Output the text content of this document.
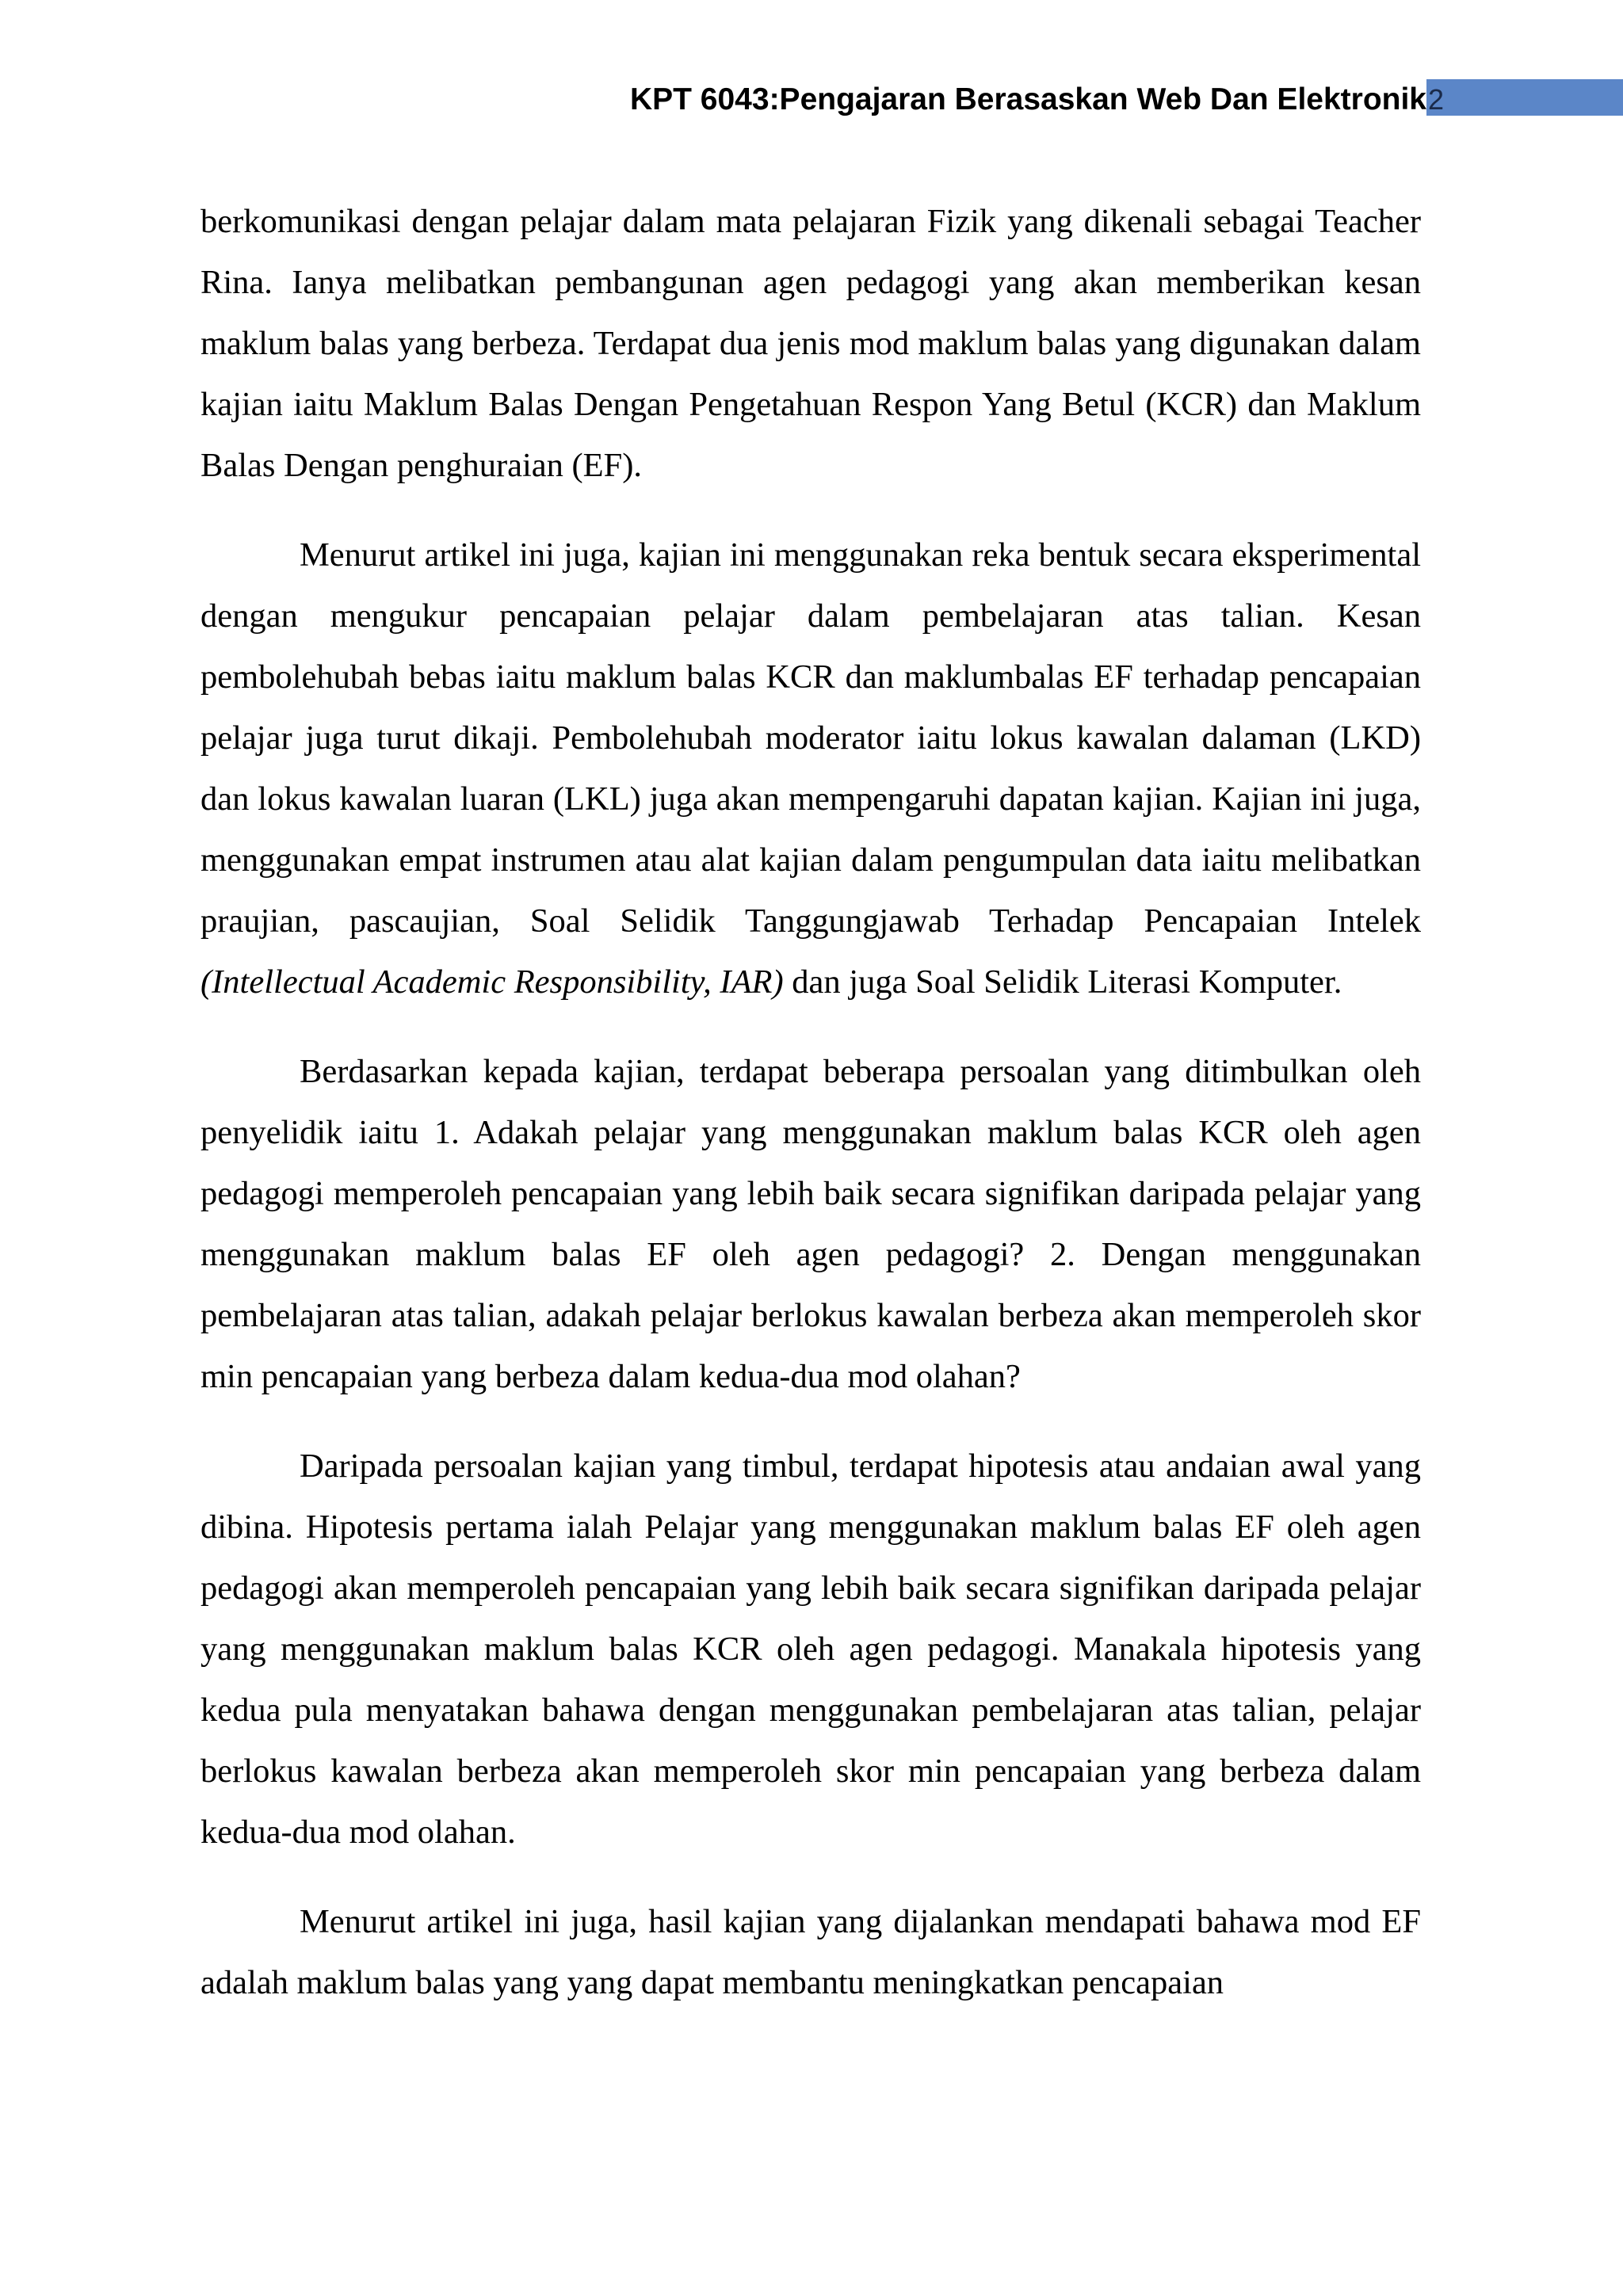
KPT 6043:Pengajaran Berasaskan Web Dan Elektronik 2

berkomunikasi dengan pelajar dalam mata pelajaran Fizik yang dikenali sebagai Teacher Rina. Ianya melibatkan pembangunan agen pedagogi yang akan memberikan kesan maklum balas yang berbeza. Terdapat dua jenis mod maklum balas yang digunakan dalam kajian iaitu Maklum Balas Dengan Pengetahuan Respon Yang Betul (KCR) dan Maklum Balas Dengan penghuraian (EF).

Menurut artikel ini juga, kajian ini menggunakan reka bentuk secara eksperimental dengan mengukur pencapaian pelajar dalam pembelajaran atas talian. Kesan pembolehubah bebas iaitu maklum balas KCR dan maklumbalas EF terhadap pencapaian pelajar juga turut dikaji. Pembolehubah moderator iaitu lokus kawalan dalaman (LKD) dan lokus kawalan luaran (LKL) juga akan mempengaruhi dapatan kajian. Kajian ini juga, menggunakan empat instrumen atau alat kajian dalam pengumpulan data iaitu melibatkan praujian, pascaujian, Soal Selidik Tanggungjawab Terhadap Pencapaian Intelek (Intellectual Academic Responsibility, IAR) dan juga Soal Selidik Literasi Komputer.

Berdasarkan kepada kajian, terdapat beberapa persoalan yang ditimbulkan oleh penyelidik iaitu 1. Adakah pelajar yang menggunakan maklum balas KCR oleh agen pedagogi memperoleh pencapaian yang lebih baik secara signifikan daripada pelajar yang menggunakan maklum balas EF oleh agen pedagogi? 2. Dengan menggunakan pembelajaran atas talian, adakah pelajar berlokus kawalan berbeza akan memperoleh skor min pencapaian yang berbeza dalam kedua-dua mod olahan?

Daripada persoalan kajian yang timbul, terdapat hipotesis atau andaian awal yang dibina. Hipotesis pertama ialah Pelajar yang menggunakan maklum balas EF oleh agen pedagogi akan memperoleh pencapaian yang lebih baik secara signifikan daripada pelajar yang menggunakan maklum balas KCR oleh agen pedagogi. Manakala hipotesis yang kedua pula menyatakan bahawa dengan menggunakan pembelajaran atas talian, pelajar berlokus kawalan berbeza akan memperoleh skor min pencapaian yang berbeza dalam kedua-dua mod olahan.

Menurut artikel ini juga, hasil kajian yang dijalankan mendapati bahawa mod EF adalah maklum balas yang yang dapat membantu meningkatkan pencapaian
